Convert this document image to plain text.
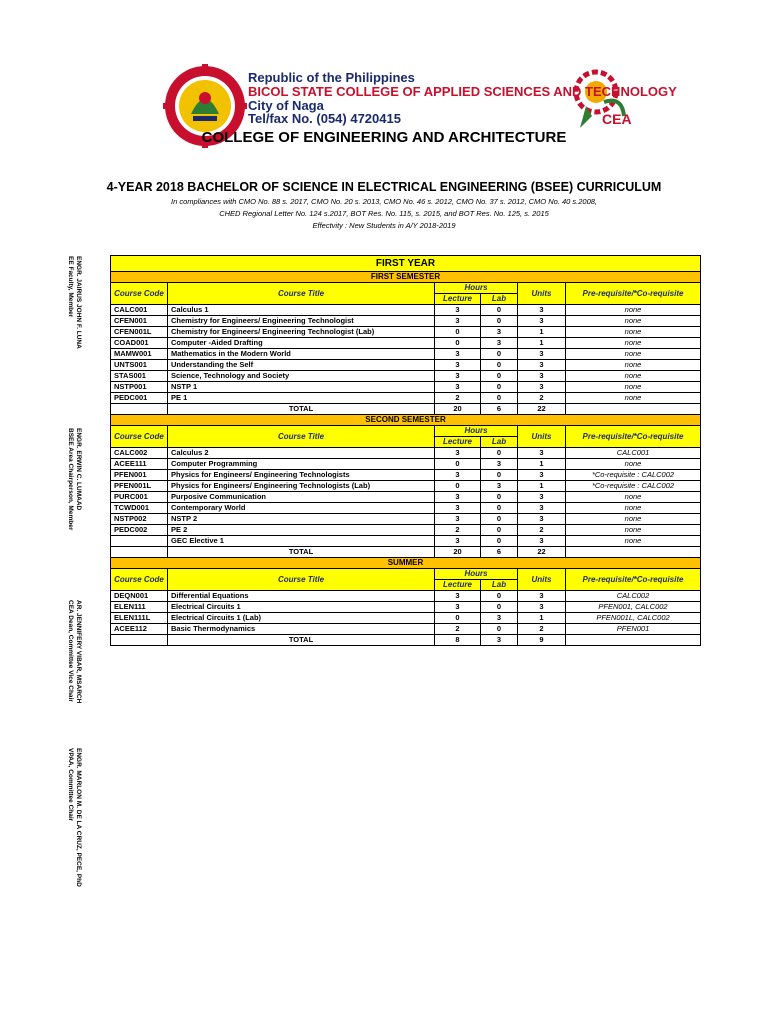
CEA
Republic of the Philippines
BICOL STATE COLLEGE OF APPLIED SCIENCES AND TECHNOLOGY
City of Naga
Tel/fax No. (054) 4720415
COLLEGE OF ENGINEERING AND ARCHITECTURE
4-YEAR 2018 BACHELOR OF SCIENCE IN ELECTRICAL ENGINEERING (BSEE) CURRICULUM
In compliances with CMO No. 88 s. 2017, CMO No. 20 s. 2013, CMO No. 46 s. 2012, CMO No. 37 s. 2012, CMO No. 40 s.2008,
CHED Regional Letter No. 124 s.2017, BOT Res. No. 115, s. 2015, and BOT Res. No. 125, s. 2015
Effectvity : New Students in A/Y 2018-2019
ENGR. JAIRUS JOHN F. LUNA
EE Faculty, Member
ENGR. ERWIN C. LUMAAD
BSEE Area Chairperson, Member
AR. JENNIFERY VIBAR, MSARCH
CEA Dean, Committee Vice Chair
ENGR. MARLON M. DE LA CRUZ, PECE, PhD
VPAA, Committee Chair
FIRST YEAR					
FIRST SEMESTER					
Course Code	Course Title	Hours		Units	Pre-requisite/*Co-requisite
		Lecture	Lab		
CALC001	Calculus 1	3	0	3	none
CFEN001	Chemistry for Engineers/ Engineering Technologist	3	0	3	none
CFEN001L	Chemistry for Engineers/ Engineering Technologist (Lab)	0	3	1	none
COAD001	Computer -Aided Drafting	0	3	1	none
MAMW001	Mathematics in the Modern World	3	0	3	none
UNTS001	Understanding the Self	3	0	3	none
STAS001	Science, Technology and Society	3	0	3	none
NSTP001	NSTP 1	3	0	3	none
PEDC001	PE 1	2	0	2	none
	TOTAL	20	6	22	
SECOND SEMESTER					
Course Code	Course Title	Hours		Units	Pre-requisite/*Co-requisite
		Lecture	Lab		
CALC002	Calculus 2	3	0	3	CALC001
ACEE111	Computer Programming	0	3	1	none
PFEN001	Physics for Engineers/ Engineering Technologists	3	0	3	*Co-requisite : CALC002
PFEN001L	Physics for Engineers/ Engineering Technologists (Lab)	0	3	1	*Co-requisite : CALC002
PURC001	Purposive Communication	3	0	3	none
TCWD001	Contemporary World	3	0	3	none
NSTP002	NSTP 2	3	0	3	none
PEDC002	PE 2	2	0	2	none
	GEC Elective 1	3	0	3	none
	TOTAL	20	6	22	
SUMMER					
Course Code	Course Title	Hours		Units	Pre-requisite/*Co-requisite
		Lecture	Lab		
DEQN001	Differential Equations	3	0	3	CALC002
ELEN111	Electrical Circuits 1	3	0	3	PFEN001, CALC002
ELEN111L	Electrical Circuits 1 (Lab)	0	3	1	PFEN001L, CALC002
ACEE112	Basic Thermodynamics	2	0	2	PFEN001
	TOTAL	8	3	9	
